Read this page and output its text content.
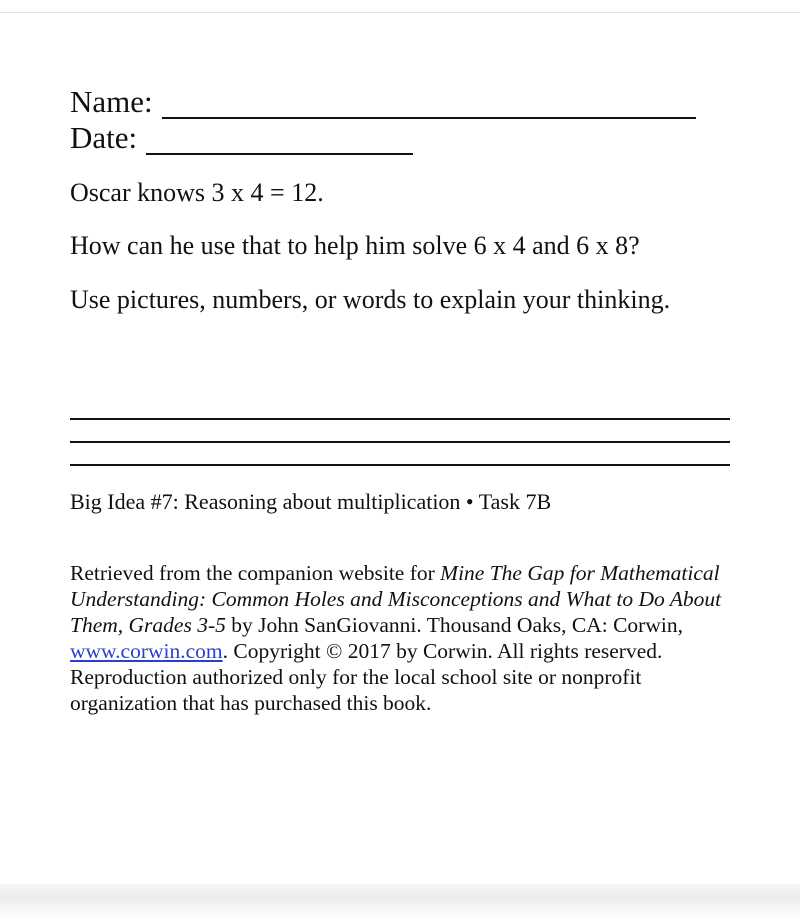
Name:
Date:
Oscar knows 3 x 4 = 12.
How can he use that to help him solve 6 x 4 and 6 x 8?
Use pictures, numbers, or words to explain your thinking.
Big Idea #7: Reasoning about multiplication • Task 7B
Retrieved from the companion website for Mine The Gap for Mathematical Understanding: Common Holes and Misconceptions and What to Do About Them, Grades 3-5 by John SanGiovanni. Thousand Oaks, CA: Corwin, www.corwin.com. Copyright © 2017 by Corwin. All rights reserved. Reproduction authorized only for the local school site or nonprofit organization that has purchased this book.
